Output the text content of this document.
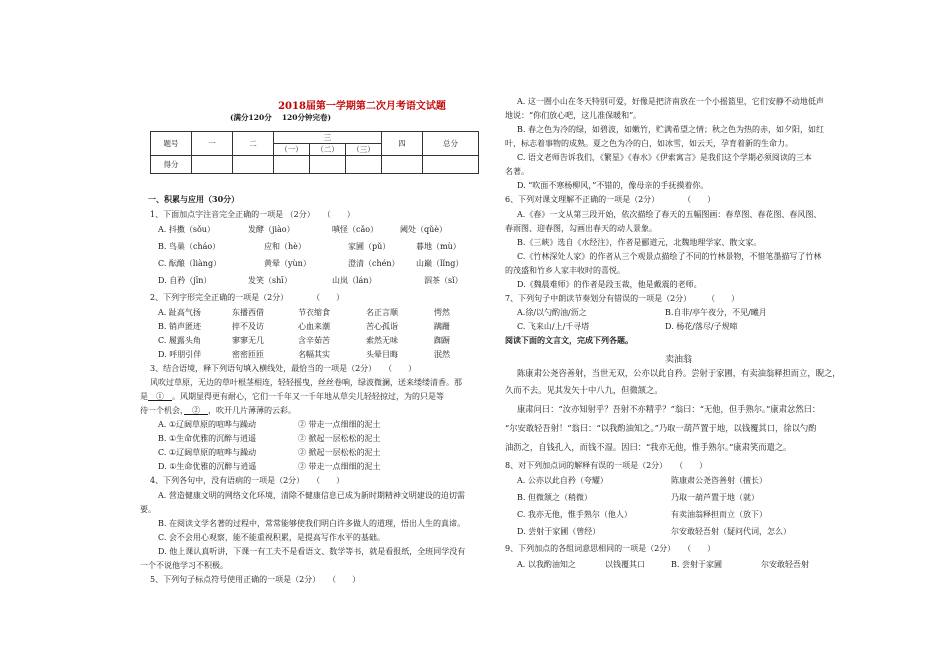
2018届第一学期第二次月考语文试题
(满分120分　 120分钟完卷)
题号	一	二	三			四	总分
			（一）	（二）	（三）		
得分							
一、积累与应用（30分）
1、下面加点字注音完全正确的一项是 （2分）　　（　　）
A. 抖擞（sǒu）	发酵（jiào）	嗔怪（cǎo）	阈处（qǔè）
B. 鸟巢（cháo）	应和（hè）	家圃（pǔ）	暮地（mù）
C. 酝酿（liàng）	黄晕（yùn）	澄清（chén） 山巅（lǐng）
D. 自矜（jīn）	发笑（shī）	山岚（lán）	泅茶（sǐ）
2、下列字形完全正确的一项是（2分）　　　　（　　）
A. 趾高气扬	东播西借	节衣缩食	名正言顺	愕然
B. 销声匿迹	捽不及访	心血来潮	苦心孤诣	蹒跚
C. 履露头角	寥寥无几	含辛茹苦	索然无味	踟蹰
D. 呼朋引伴	密密匝匝	名幅其实	头晕目晦	泯然
3、结合语境，释下列语句填入横线处，最恰当的一项是（2分）　　（　　）
风吹过草原，无边的草叶根茎相连，轻轻摇曳，丝丝卷响，绿波微澜，送来缕缕清香。那
是　①　。风期显得更有耐心，它们一千年又一千年地从草尖儿轻轻掠过，为的只是等
待一个机会，　②　，吹开几片薄薄的云彩。
A. ①辽阔草原的喧哗与躁动	② 带走一点细细的泥土
B. ①生命优雅的沉醉与逍遥	② 掀起一层松松的泥土
C. ①辽阔草原的喧哗与躁动	② 掀起一层松松的泥土
D. ①生命优雅的沉醉与逍遥	② 带走一点细细的泥土
4、下列各句中，没有语病的一项是（2分）　　（　　）
A. 营造健康文明的网络文化环境，清除不健康信息已成为新时期精神文明建设的迫切需
要。
B. 在阅读文学名著的过程中，常常能够使我们明白许多做人的道理，悟出人生的真谛。
C. 会不会用心观察，能不能重视积累，是提高写作水平的基础。
D. 他上课认真听讲，下课一有工夫不是看语文、数学等书，就是看报纸，全班同学没有
一个不说他学习不积极。
5、下列句子标点符号使用正确的一项是（2分）　　（　　）
A. 这一圈小山在冬天特别可爱，好像是把济南放在一个小摇篮里，它们安静不动地低声
地说：“你们放心吧，这儿准保暖和”。
B. 春之色为冷的绿，如碧波，如嫩竹，贮满希望之情；秋之色为热的赤，如夕阳，如红
叶，标志着事物的成熟。夏之色为冷的白，如冰雪，如云天，孕育着新的生命力。
C. 语文老师告诉我们，《繁星》《春水》《伊索寓言》是我们这个学期必须阅读的三本
名著。
D. “吹面不寒杨柳风，”不错的，像母亲的手抚摸着你。
6、下列对课文理解不正确的一项是（2分）　　　　（　　）
A.《春》一文从第三段开始，依次描绘了春天的五幅图画：春草图、春花图、春风图、
春雨图、迎春图，勾画出春天的动人景象。
B.《三峡》选自《水经注》，作者是郦道元，北魏地理学家、散文家。
C.《竹林深处人家》的作者从三个观景点描绘了不同的竹林景物，不惜笔墨描写了竹林
的茂盛和竹乡人家丰收时的喜悦。
D.《魏晨难师》的作者是段玉裁，他是戴震的老师。
7、下列句子中朗读节奏划分有错误的一项是（2分）　　　（　　）
A.徐/以勺酌油/沥之	B.自非/亭午夜分，不见/曦月
C. 飞来山/上/千寻塔	D. 杨花/落尽/子规啼
阅读下面的文言文，完成下列各题。
卖油翁
陈康肃公尧咨善射，当世无双，公亦以此自矜。尝射于家圃，有卖油翁释担而立，睨之，
久而不去。见其发矢十中八九，但微颔之。
康肃问曰：“汝亦知射乎？吾射不亦精乎？”翁曰：“无他，但手熟尔。”康肃忿然曰：
“尔安敢轻吾射！”翁曰：“以我酌油知之。”乃取一葫芦置于地，以钱覆其口，徐以勺酌
油沥之，自钱孔入，而钱不湿。因曰：“我亦无他，惟手熟尔。”康肃笑而遣之。
8、对下列加点词的解释有误的一项是（2分）　　（　　）
A. 公亦以此自矜（夸耀）	陈康肃公尧咨善射（擅长）
B. 但微颔之（稍微）	乃取一葫芦置于地（就）
C. 我亦无他，惟手熟尔（他人）	有卖油翁释担而立（放下）
D. 尝射于家圃（曾经）	尔安敢轻吾射（疑问代词，怎么）
9、下列加点的各组词意思相同的一项是（2分）　　（　　）
A. 以我酌油知之	以钱覆其口	B. 尝射于家圃	尔安敢轻吾射
